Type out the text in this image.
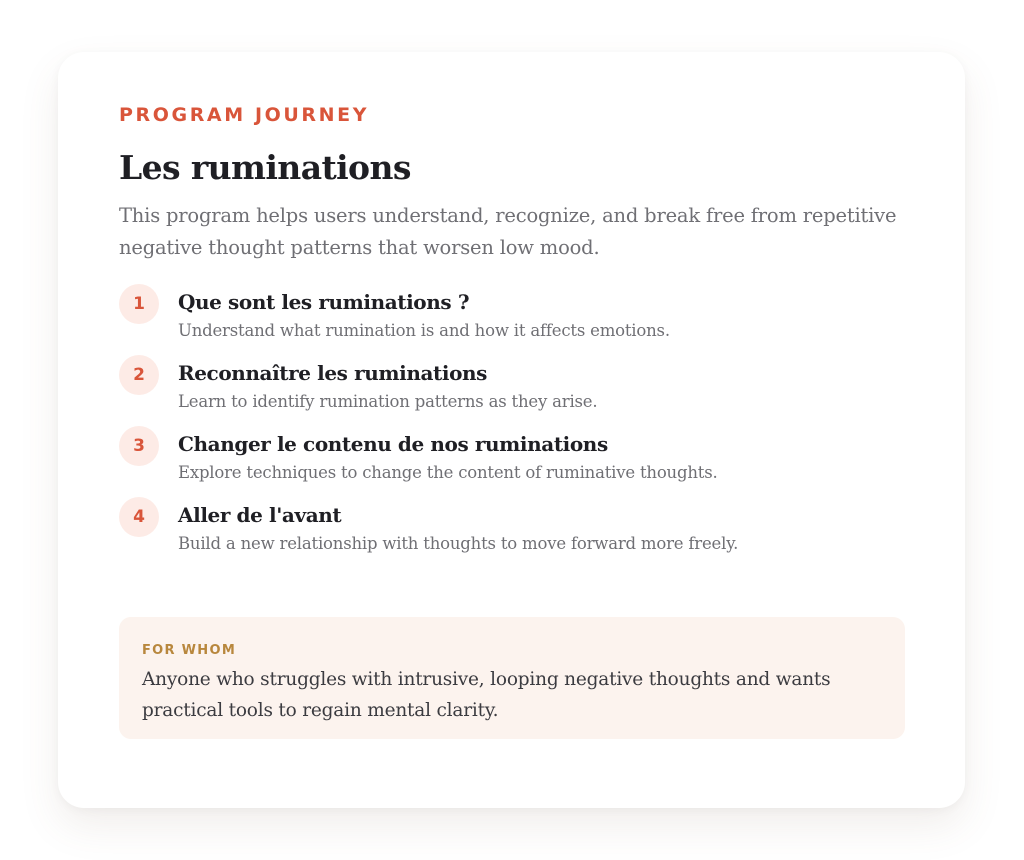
PROGRAM JOURNEY
Les ruminations

This program helps users understand, recognize, and break free from repetitive negative thought patterns that worsen low mood.

1	Que sont les ruminations ?
Understand what rumination is and how it affects emotions.
2	Reconnaître les ruminations
Learn to identify rumination patterns as they arise.
3	Changer le contenu de nos ruminations
Explore techniques to change the content of ruminative thoughts.
4	Aller de l'avant
Build a new relationship with thoughts to move forward more freely.
FOR WHOM

Anyone who struggles with intrusive, looping negative thoughts and wants practical tools to regain mental clarity.
